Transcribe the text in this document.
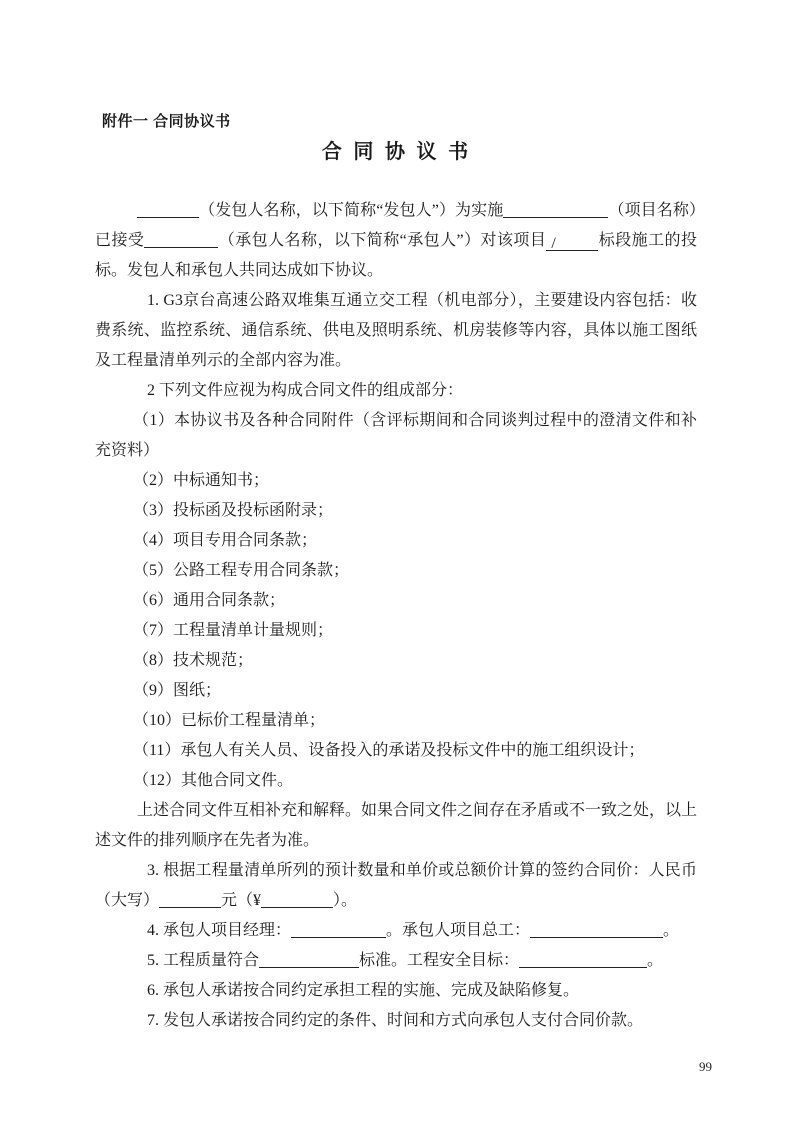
附件一 合同协议书
合 同 协 议 书

（发包人名称，以下简称“发包人”）为实施	（项目名称）已接受	（承包人名称，以下简称“承包人”）对该项目 /	标段施工的投标。发包人和承包人共同达成如下协议。

1. G3京台高速公路双堆集互通立交工程（机电部分），主要建设内容包括：收费系统、监控系统、通信系统、供电及照明系统、机房装修等内容，具体以施工图纸及工程量清单列示的全部内容为准。

2 下列文件应视为构成合同文件的组成部分：

（1）本协议书及各种合同附件（含评标期间和合同谈判过程中的澄清文件和补充资料）

（2）中标通知书；

（3）投标函及投标函附录；

（4）项目专用合同条款；

（5）公路工程专用合同条款；

（6）通用合同条款；

（7）工程量清单计量规则；

（8）技术规范；

（9）图纸；

（10）已标价工程量清单；

（11）承包人有关人员、设备投入的承诺及投标文件中的施工组织设计；

（12）其他合同文件。

上述合同文件互相补充和解释。如果合同文件之间存在矛盾或不一致之处，以上述文件的排列顺序在先者为准。

3. 根据工程量清单所列的预计数量和单价或总额价计算的签约合同价：人民币（大写）	元（¥	）。

4. 承包人项目经理：	。承包人项目总工：	。

5. 工程质量符合	标准。工程安全目标：	。

6. 承包人承诺按合同约定承担工程的实施、完成及缺陷修复。

7. 发包人承诺按合同约定的条件、时间和方式向承包人支付合同价款。

99
